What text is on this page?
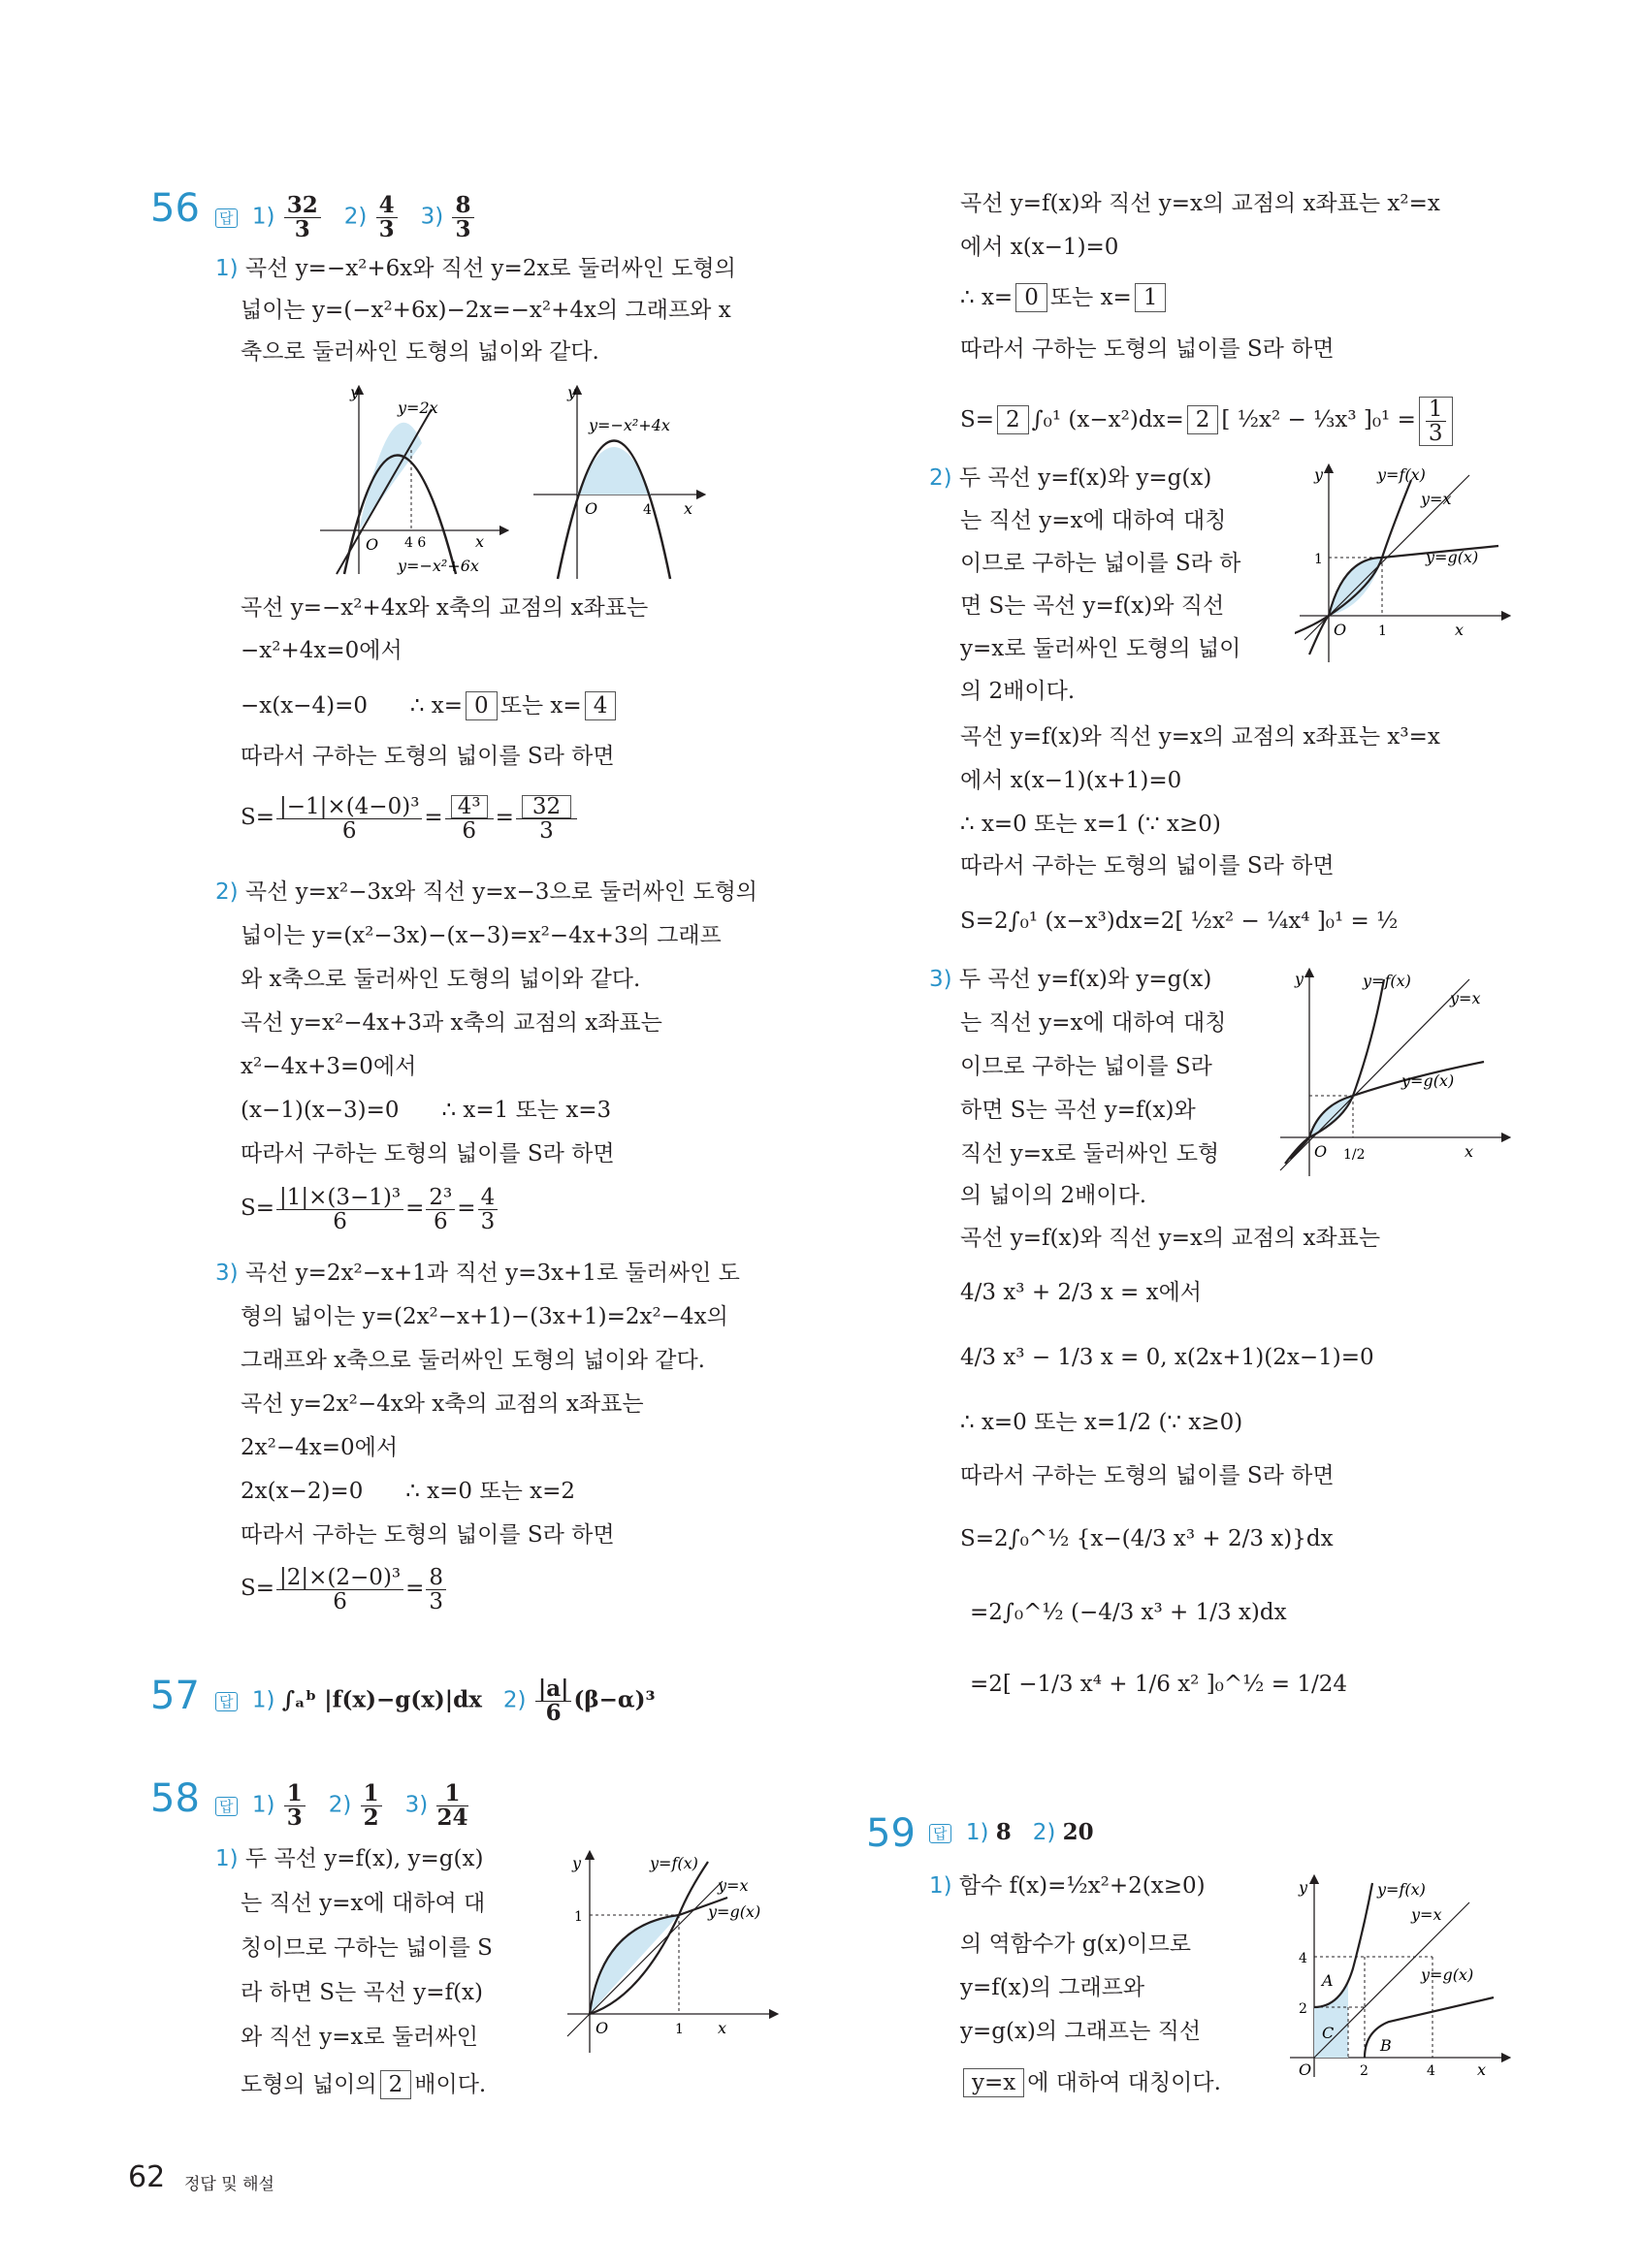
56 답 $1) \frac{32}{3} 2) \frac{4}{3} 3) \frac{8}{3}$
1) 곡선 y=−x²+6x와 직선 y=2x로 둘러싸인 도형의
넓이는 y=(−x²+6x)−2x=−x²+4x의 그래프와 x
축으로 둘러싸인 도형의 넓이와 같다.
y
y=2x
O 4 6	x
y=−x²+6x
y
y=−x²+4x
O	4 x
곡선 y=−x²+4x와 x축의 교점의 x좌표는
−x²+4x=0에서
−x(x−4)=0 ∴ x= 0 또는 x= 4
따라서 구하는 도형의 넓이를 S라 하면
$S= \frac{\text{|−1|×(4−0)³}}{6} = \frac{\text{4³}}{6} = \frac{32}{3}$
2) 곡선 y=x²−3x와 직선 y=x−3으로 둘러싸인 도형의
넓이는 y=(x²−3x)−(x−3)=x²−4x+3의 그래프
와 x축으로 둘러싸인 도형의 넓이와 같다.
곡선 y=x²−4x+3과 x축의 교점의 x좌표는
x²−4x+3=0에서
(x−1)(x−3)=0 ∴ x=1 또는 x=3
따라서 구하는 도형의 넓이를 S라 하면
$S= \frac{\text{|1|×(3−1)³}}{6} = \frac{\text{2³}}{6} = \frac{4}{3}$
3) 곡선 y=2x²−x+1과 직선 y=3x+1로 둘러싸인 도
형의 넓이는 y=(2x²−x+1)−(3x+1)=2x²−4x의
그래프와 x축으로 둘러싸인 도형의 넓이와 같다.
곡선 y=2x²−4x와 x축의 교점의 x좌표는
2x²−4x=0에서
2x(x−2)=0 ∴ x=0 또는 x=2
따라서 구하는 도형의 넓이를 S라 하면
$S= \frac{\text{|2|×(2−0)³}}{6} = \frac{8}{3}$
57 답 1) ∫ₐᵇ |f(x)−g(x)|dx $2) \frac{|a|}{6} (\beta-\alpha)^3$
58 답 $1) \frac{1}{3} 2) \frac{1}{2} 3) \frac{1}{24}$
1) 두 곡선 y=f(x), y=g(x)
는 직선 y=x에 대하여 대
칭이므로 구하는 넓이를 S
라 하면 S는 곡선 y=f(x)
와 직선 y=x로 둘러싸인
도형의 넓이의 2 배이다.
y	y=f(x)
y=x
y=g(x)
1
O	1 x
곡선 y=f(x)와 직선 y=x의 교점의 x좌표는 x²=x
에서 x(x−1)=0
∴ x= 0 또는 x= 1
따라서 구하는 도형의 넓이를 S라 하면
S= 2 ∫₀¹ (x−x²)dx= 2 [ ½x² − ⅓x³ ]$_0^1 = \frac{1}{3}$
2) 두 곡선 y=f(x)와 y=g(x)
는 직선 y=x에 대하여 대칭
이므로 구하는 넓이를 S라 하
면 S는 곡선 y=f(x)와 직선
y=x로 둘러싸인 도형의 넓이
의 2배이다.
y	y=f(x)
y=x
y=g(x)
1
O 1	x
곡선 y=f(x)와 직선 y=x의 교점의 x좌표는 x³=x
에서 x(x−1)(x+1)=0
∴ x=0 또는 x=1 (∵ x≥0)
따라서 구하는 도형의 넓이를 S라 하면
S=2∫₀¹ (x−x³)dx=2[ ½x² − ¼x⁴ ]₀¹ = ½
3) 두 곡선 y=f(x)와 y=g(x)
는 직선 y=x에 대하여 대칭
이므로 구하는 넓이를 S라
하면 S는 곡선 y=f(x)와
직선 y=x로 둘러싸인 도형
의 넓이의 2배이다.
y	y=f(x)
y=x
y=g(x)
O 1/2	x
곡선 y=f(x)와 직선 y=x의 교점의 x좌표는
4/3 x³ + 2/3 x = x에서
4/3 x³ − 1/3 x = 0, x(2x+1)(2x−1)=0
∴ x=0 또는 x=1/2 (∵ x≥0)
따라서 구하는 도형의 넓이를 S라 하면
S=2∫₀^½ {x−(4/3 x³ + 2/3 x)}dx
=2∫₀^½ (−4/3 x³ + 1/3 x)dx
=2[ −1/3 x⁴ + 1/6 x² ]₀^½ = 1/24
59 답 1) 8 2) 20
1) 함수 f(x)=½x²+2(x≥0)
의 역함수가 g(x)이므로
y=f(x)의 그래프와
y=g(x)의 그래프는 직선
y=x 에 대하여 대칭이다.
y	y=f(x)
y=x
y=g(x)
4
2
A
C
B
O	2	4	x
62 정답 및 해설
